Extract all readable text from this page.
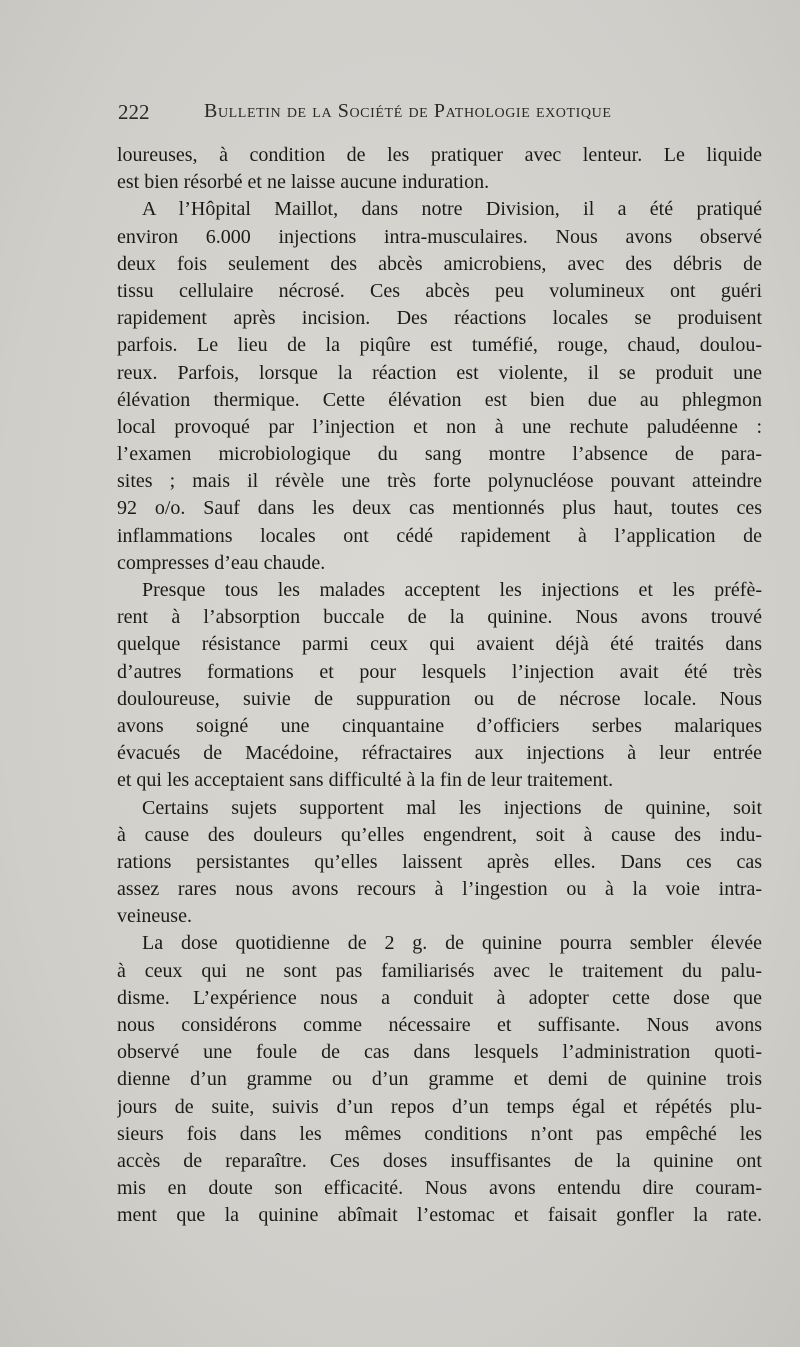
222	Bulletin de la Société de Pathologie exotique
loureuses, à condition de les pratiquer avec lenteur. Le liquide
est bien résorbé et ne laisse aucune induration.
A l’Hôpital Maillot, dans notre Division, il a été pratiqué
environ 6.000 injections intra-musculaires. Nous avons observé
deux fois seulement des abcès amicrobiens, avec des débris de
tissu cellulaire nécrosé. Ces abcès peu volumineux ont guéri
rapidement après incision. Des réactions locales se produisent
parfois. Le lieu de la piqûre est tuméfié, rouge, chaud, doulou-
reux. Parfois, lorsque la réaction est violente, il se produit une
élévation thermique. Cette élévation est bien due au phlegmon
local provoqué par l’injection et non à une rechute paludéenne :
l’examen microbiologique du sang montre l’absence de para-
sites ; mais il révèle une très forte polynucléose pouvant atteindre
92 o/o. Sauf dans les deux cas mentionnés plus haut, toutes ces
inflammations locales ont cédé rapidement à l’application de
compresses d’eau chaude.
Presque tous les malades acceptent les injections et les préfè-
rent à l’absorption buccale de la quinine. Nous avons trouvé
quelque résistance parmi ceux qui avaient déjà été traités dans
d’autres formations et pour lesquels l’injection avait été très
douloureuse, suivie de suppuration ou de nécrose locale. Nous
avons soigné une cinquantaine d’officiers serbes malariques
évacués de Macédoine, réfractaires aux injections à leur entrée
et qui les acceptaient sans difficulté à la fin de leur traitement.
Certains sujets supportent mal les injections de quinine, soit
à cause des douleurs qu’elles engendrent, soit à cause des indu-
rations persistantes qu’elles laissent après elles. Dans ces cas
assez rares nous avons recours à l’ingestion ou à la voie intra-
veineuse.
La dose quotidienne de 2 g. de quinine pourra sembler élevée
à ceux qui ne sont pas familiarisés avec le traitement du palu-
disme. L’expérience nous a conduit à adopter cette dose que
nous considérons comme nécessaire et suffisante. Nous avons
observé une foule de cas dans lesquels l’administration quoti-
dienne d’un gramme ou d’un gramme et demi de quinine trois
jours de suite, suivis d’un repos d’un temps égal et répétés plu-
sieurs fois dans les mêmes conditions n’ont pas empêché les
accès de reparaître. Ces doses insuffisantes de la quinine ont
mis en doute son efficacité. Nous avons entendu dire couram-
ment que la quinine abîmait l’estomac et faisait gonfler la rate.
